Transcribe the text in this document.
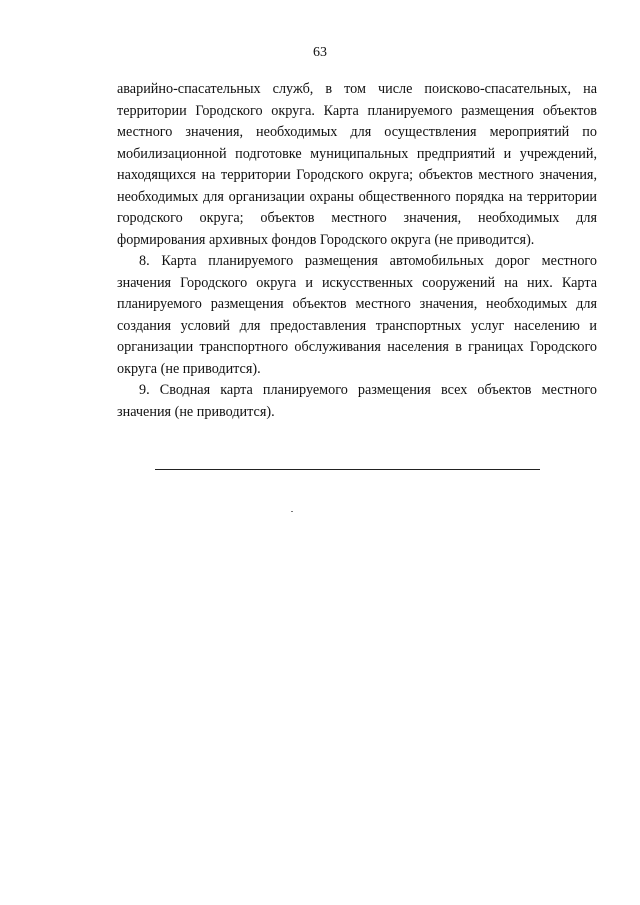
63

аварийно-спасательных служб, в том числе поисково-спасательных, на территории Городского округа. Карта планируемого размещения объектов местного значения, необходимых для осуществления мероприятий по мобилизационной подготовке муниципальных предприятий и учреждений, находящихся на территории Городского округа; объектов местного значения, необходимых для организации охраны общественного порядка на территории городского округа; объектов местного значения, необходимых для формирования архивных фондов Городского округа (не приводится).

8. Карта планируемого размещения автомобильных дорог местного значения Городского округа и искусственных сооружений на них. Карта планируемого размещения объектов местного значения, необходимых для создания условий для предоставления транспортных услуг населению и организации транспортного обслуживания населения в границах Городского округа (не приводится).

9. Сводная карта планируемого размещения всех объектов местного значения (не приводится).
